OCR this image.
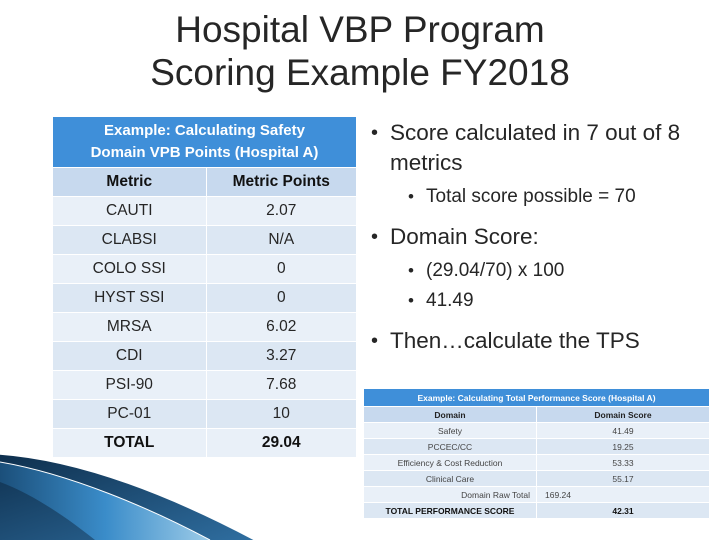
Hospital VBP Program
Scoring Example FY2018
Example: Calculating Safety
Domain VPB Points (Hospital A)	

Metric	Metric Points
CAUTI	2.07
CLABSI	N/A
COLO SSI	0
HYST SSI	0
MRSA	6.02
CDI	3.27
PSI-90	7.68
PC-01	10
TOTAL	29.04
• Score calculated in 7 out of 8 metrics
• Total score possible = 70
• Domain Score:
• (29.04/70) x 100
• 41.49
• Then…calculate the TPS
Example: Calculating Total Performance Score (Hospital A)	
Domain	Domain Score
Safety	41.49
PCCEC/CC	19.25
Efficiency & Cost Reduction	53.33
Clinical Care	55.17
Domain Raw Total	169.24
TOTAL PERFORMANCE SCORE	42.31
